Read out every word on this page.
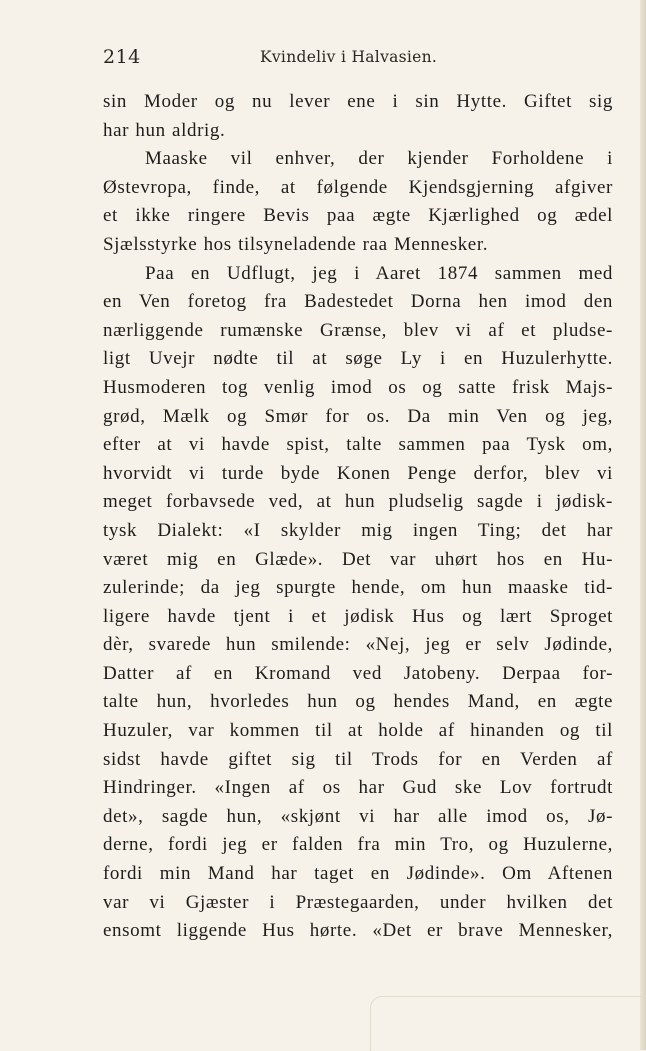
214	Kvindeliv i Halvasien.
sin Moder og nu lever ene i sin Hytte. Giftet sig
har hun aldrig.
Maaske vil enhver, der kjender Forholdene i
Østevropa, finde, at følgende Kjendsgjerning afgiver
et ikke ringere Bevis paa ægte Kjærlighed og ædel
Sjælsstyrke hos tilsyneladende raa Mennesker.
Paa en Udflugt, jeg i Aaret 1874 sammen med
en Ven foretog fra Badestedet Dorna hen imod den
nærliggende rumænske Grænse, blev vi af et pludse-
ligt Uvejr nødte til at søge Ly i en Huzulerhytte.
Husmoderen tog venlig imod os og satte frisk Majs-
grød, Mælk og Smør for os. Da min Ven og jeg,
efter at vi havde spist, talte sammen paa Tysk om,
hvorvidt vi turde byde Konen Penge derfor, blev vi
meget forbavsede ved, at hun pludselig sagde i jødisk-
tysk Dialekt: «I skylder mig ingen Ting; det har
været mig en Glæde». Det var uhørt hos en Hu-
zulerinde; da jeg spurgte hende, om hun maaske tid-
ligere havde tjent i et jødisk Hus og lært Sproget
dèr, svarede hun smilende: «Nej, jeg er selv Jødinde,
Datter af en Kromand ved Jatobeny. Derpaa for-
talte hun, hvorledes hun og hendes Mand, en ægte
Huzuler, var kommen til at holde af hinanden og til
sidst havde giftet sig til Trods for en Verden af
Hindringer. «Ingen af os har Gud ske Lov fortrudt
det», sagde hun, «skjønt vi har alle imod os, Jø-
derne, fordi jeg er falden fra min Tro, og Huzulerne,
fordi min Mand har taget en Jødinde». Om Aftenen
var vi Gjæster i Præstegaarden, under hvilken det
ensomt liggende Hus hørte. «Det er brave Mennesker,
